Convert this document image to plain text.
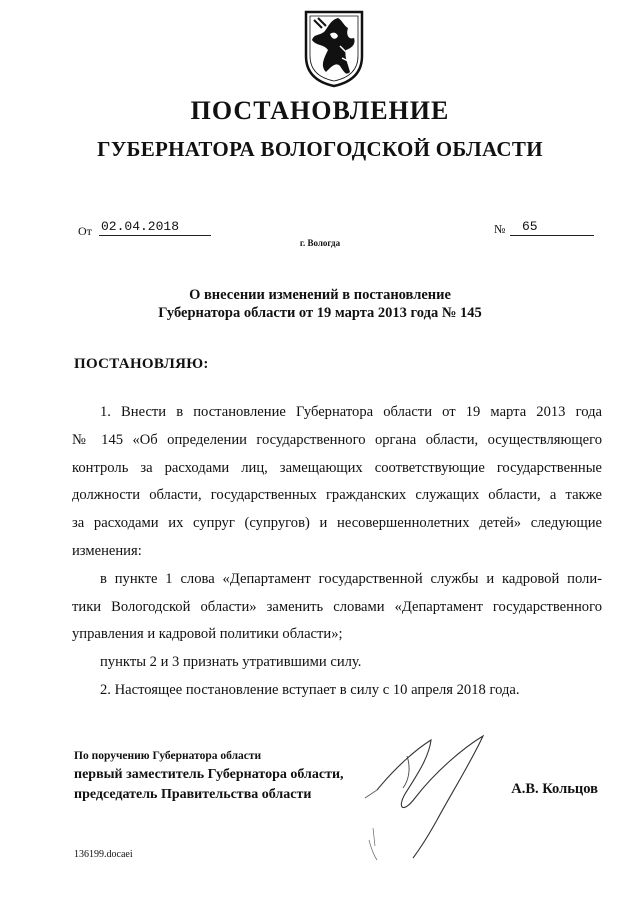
ПОСТАНОВЛЕНИЕ
ГУБЕРНАТОРА ВОЛОГОДСКОЙ ОБЛАСТИ
От 02.04.2018	№	65
г. Вологда
О внесении изменений в постановление
Губернатора области от 19 марта 2013 года № 145
ПОСТАНОВЛЯЮ:

1. Внести в постановление Губернатора области от 19 марта 2013 года

№ 145 «Об определении государственного органа области, осуществляющего

контроль за расходами лиц, замещающих соответствующие государственные

должности области, государственных гражданских служащих области, а также

за расходами их супруг (супругов) и несовершеннолетних детей» следующие

изменения:

в пункте 1 слова «Департамент государственной службы и кадровой поли-

тики Вологодской области» заменить словами «Департамент государственного

управления и кадровой политики области»;

пункты 2 и 3 признать утратившими силу.

2. Настоящее постановление вступает в силу с 10 апреля 2018 года.

По поручению Губернатора области
первый заместитель Губернатора области,
председатель Правительства области	А.В. Кольцов
136199.docaei
